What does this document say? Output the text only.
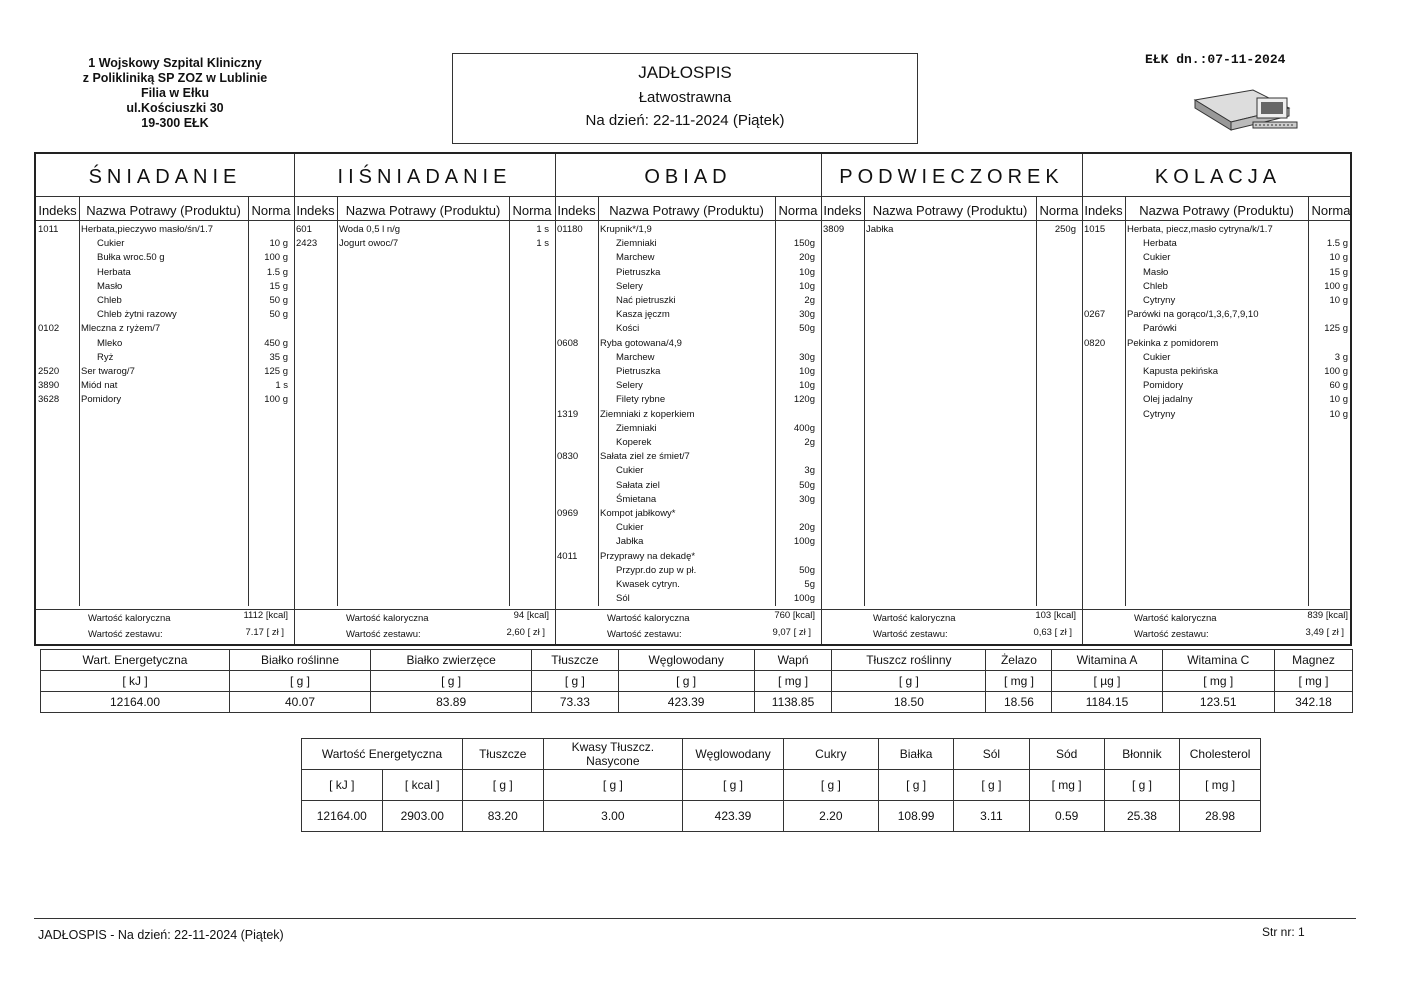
1 Wojskowy Szpital Kliniczny
z Polikliniką SP ZOZ w Lublinie
Filia w Ełku
ul.Kościuszki 30
19-300 EŁK
JADŁOSPIS
Łatwostrawna
Na dzień: 22-11-2024 (Piątek)
EŁK dn.:07-11-2024
ŚNIADANIE
Indeks Nazwa Potrawy (Produktu) Norma
1011 Herbata,pieczywo masło/śn/1.7
Cukier	10 g
Bułka wroc.50 g	100 g
Herbata	1.5 g
Masło	15 g
Chleb	50 g
Chleb żytni razowy	50 g
0102 Mleczna z ryżem/7
Mleko	450 g
Ryż	35 g
2520 Ser twarog/7	125 g
3890 Miód nat	1 s
3628 Pomidory	100 g
Wartość kaloryczna	1112 [kcal]
Wartość zestawu:	7.17 [ zł ]
IIŚNIADANIE
Indeks Nazwa Potrawy (Produktu) Norma
601	Woda 0,5 l n/g	1 s
2423 Jogurt owoc/7	1 s
Wartość kaloryczna	94 [kcal]
Wartość zestawu:	2,60 [ zł ]
OBIAD
Indeks	Nazwa Potrawy (Produktu)	Norma
01180 Krupnik*/1,9
Ziemniaki	150g
Marchew	20g
Pietruszka	10g
Selery	10g
Nać pietruszki	2g
Kasza jęczm	30g
Kości	50g
0608 Ryba gotowana/4,9
Marchew	30g
Pietruszka	10g
Selery	10g
Filety rybne	120g
1319 Ziemniaki z koperkiem
Ziemniaki	400g
Koperek	2g
0830 Sałata ziel ze śmiet/7
Cukier	3g
Sałata ziel	50g
Śmietana	30g
0969 Kompot jabłkowy*
Cukier	20g
Jabłka	100g
4011 Przyprawy na dekadę*
Przypr.do zup w pł.	50g
Kwasek cytryn.	5g
Sól	100g
Wartość kaloryczna	760 [kcal]
Wartość zestawu:	9,07 [ zł ]
PODWIECZOREK
Indeks Nazwa Potrawy (Produktu) Norma
3809 Jabłka	250g
Wartość kaloryczna	103 [kcal]
Wartość zestawu:	0,63 [ zł ]
KOLACJA
Indeks	Nazwa Potrawy (Produktu)	Norma
1015 Herbata, piecz,masło cytryna/k/1.7
Herbata	1.5 g
Cukier	10 g
Masło	15 g
Chleb	100 g
Cytryny	10 g
0267 Parówki na gorąco/1,3,6,7,9,10
Parówki	125 g
0820 Pekinka z pomidorem
Cukier	3 g
Kapusta pekińska	100 g
Pomidory	60 g
Olej jadalny	10 g
Cytryny	10 g
Wartość kaloryczna	839 [kcal]
Wartość zestawu:	3,49 [ zł ]
Wart. Energetyczna	Białko roślinne	Białko zwierzęce	Tłuszcze	Węglowodany	Wapń	Tłuszcz roślinny	Żelazo	Witamina A	Witamina C	Magnez
[ kJ ]	[ g ]	[ g ]	[ g ]	[ g ]	[ mg ]	[ g ]	[ mg ]	[ µg ]	[ mg ]	[ mg ]
12164.00	40.07	83.89	73.33	423.39	1138.85	18.50	18.56	1184.15	123.51	342.18
Wartość Energetyczna		Tłuszcze	Kwasy Tłuszcz. Nasycone	Węglowodany	Cukry	Białka	Sól	Sód	Błonnik	Cholesterol
[ kJ ]	[ kcal ]	[ g ]	[ g ]	[ g ]	[ g ]	[ g ]	[ g ]	[ mg ]	[ g ]	[ mg ]
12164.00	2903.00	83.20	3.00	423.39	2.20	108.99	3.11	0.59	25.38	28.98
JADŁOSPIS - Na dzień: 22-11-2024 (Piątek)	Str nr: 1
